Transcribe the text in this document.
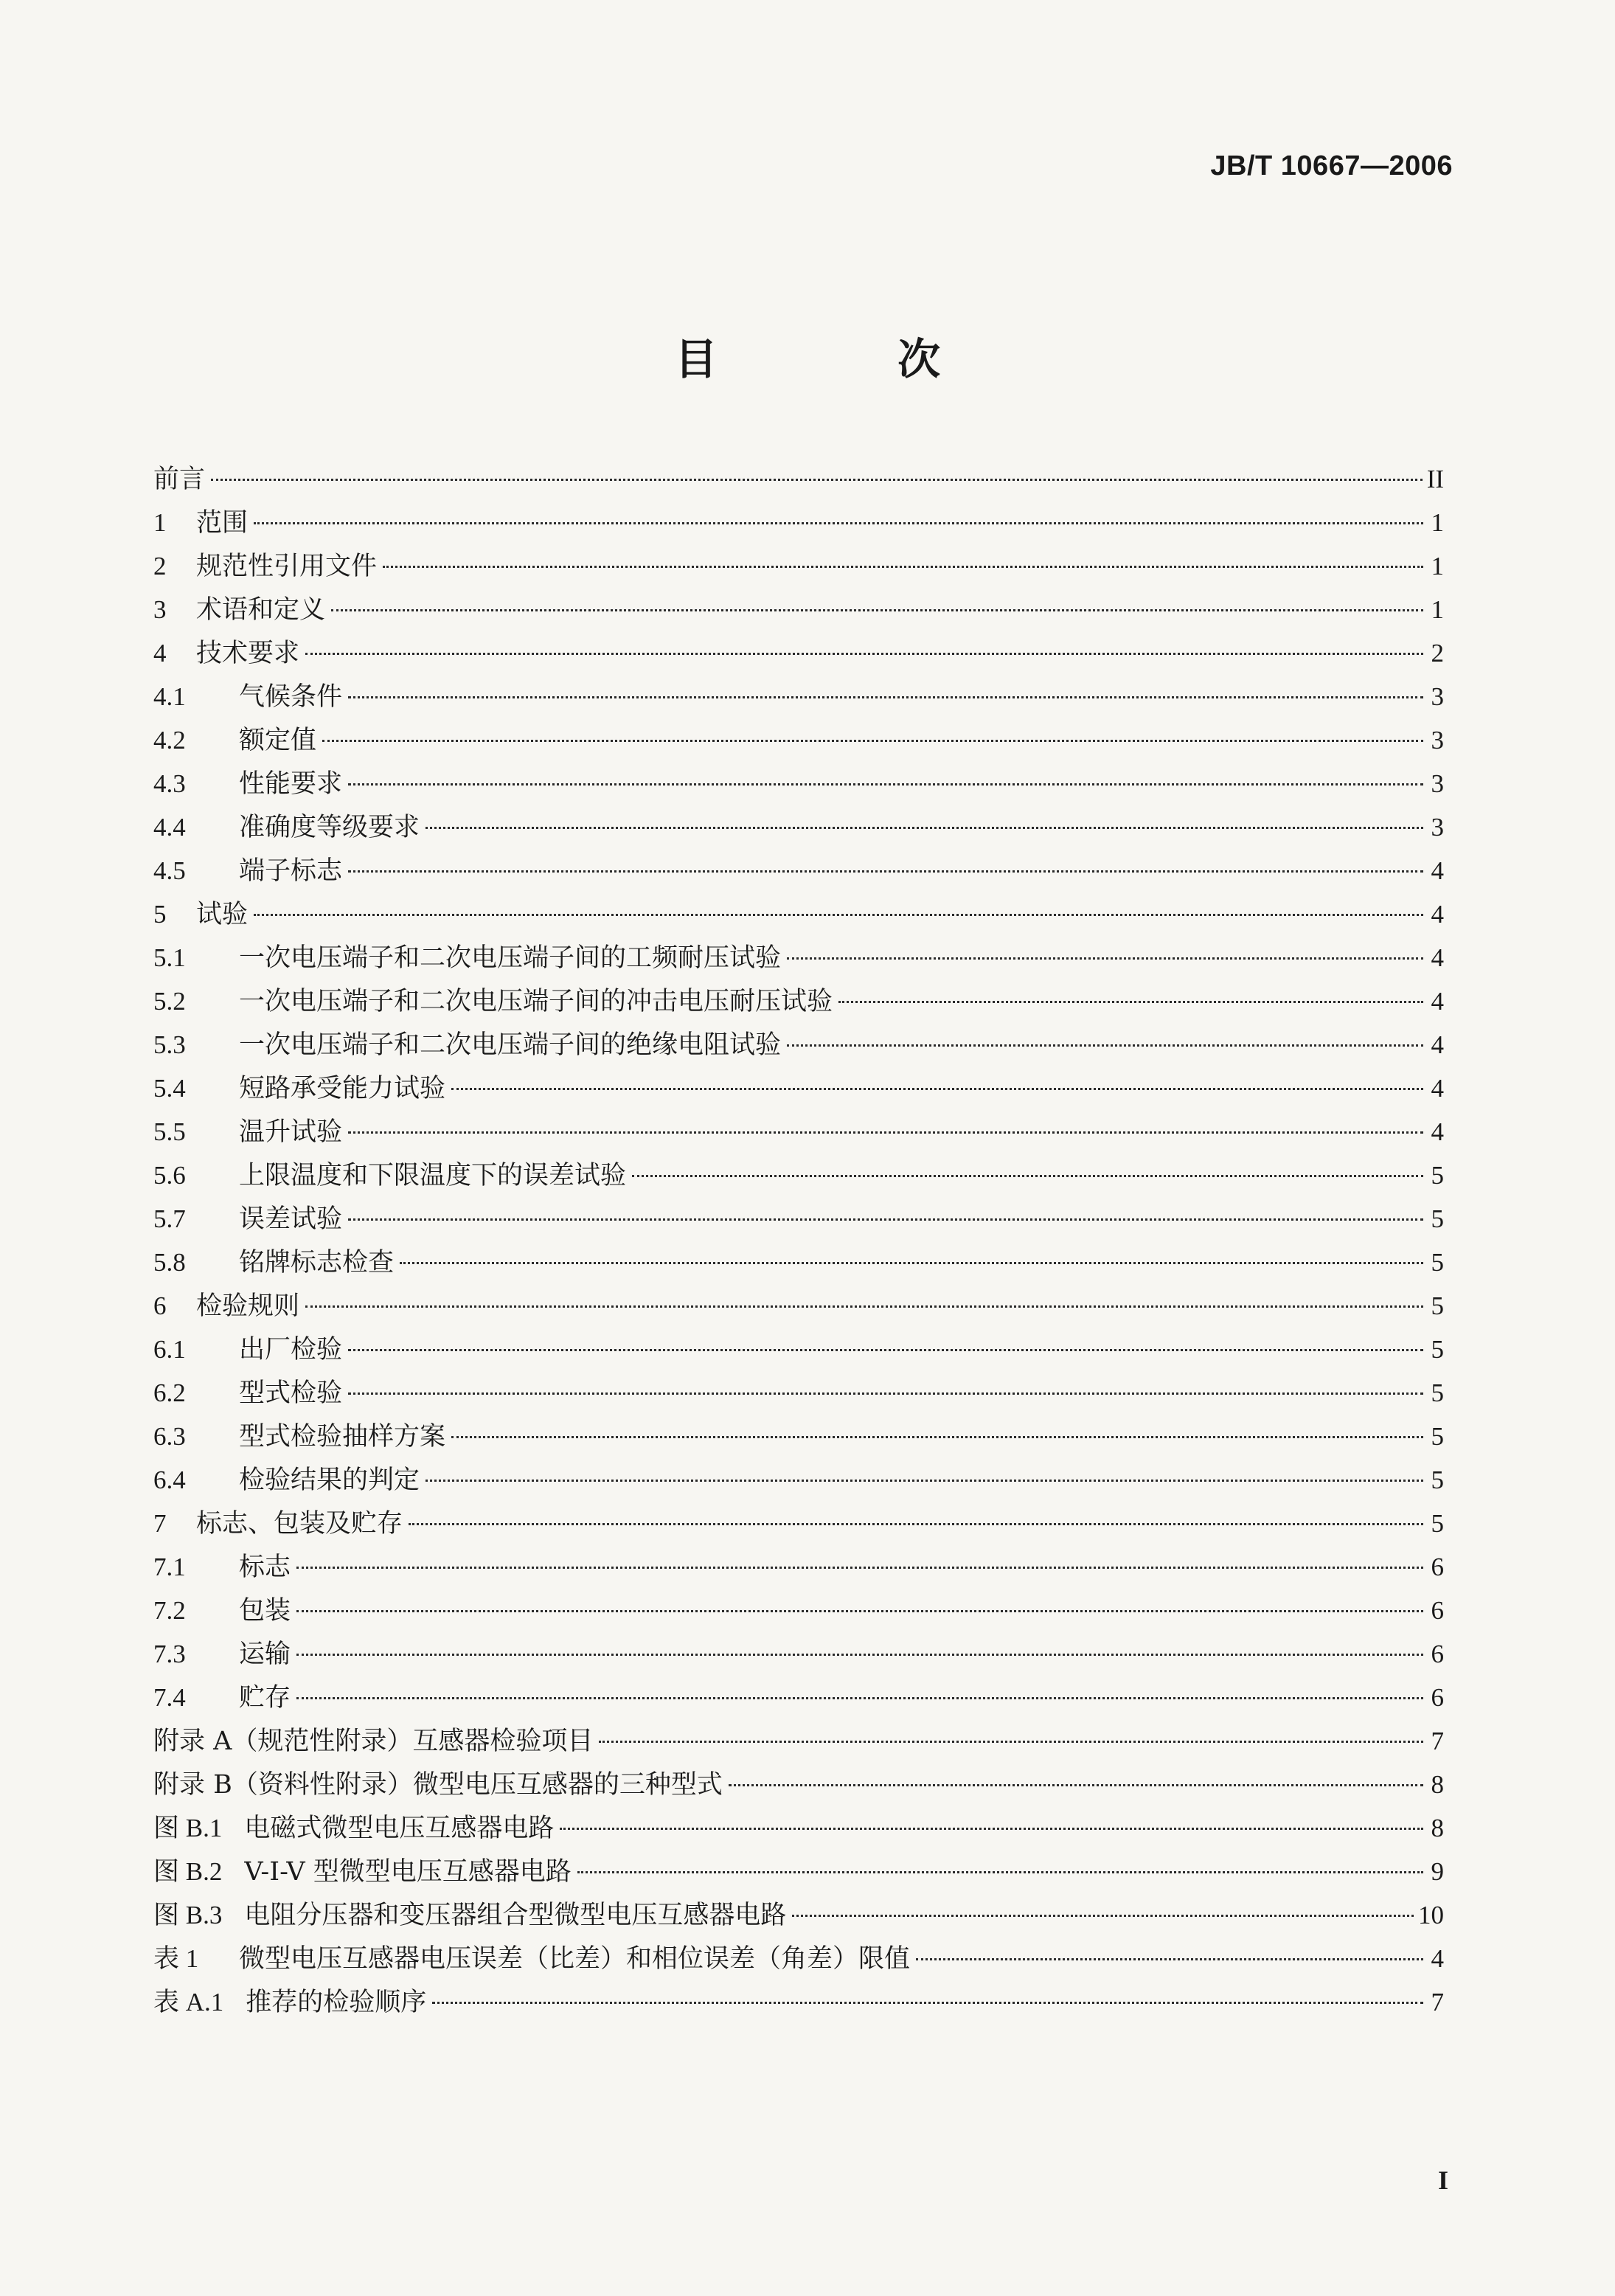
JB/T 10667—2006
目 次
前言	II
1	范围	1
2	规范性引用文件	1
3	术语和定义	1
4	技术要求	2
4.1	气候条件	3
4.2	额定值	3
4.3	性能要求	3
4.4	准确度等级要求	3
4.5	端子标志	4
5	试验	4
5.1	一次电压端子和二次电压端子间的工频耐压试验	4
5.2	一次电压端子和二次电压端子间的冲击电压耐压试验	4
5.3	一次电压端子和二次电压端子间的绝缘电阻试验	4
5.4	短路承受能力试验	4
5.5	温升试验	4
5.6	上限温度和下限温度下的误差试验	5
5.7	误差试验	5
5.8	铭牌标志检查	5
6	检验规则	5
6.1	出厂检验	5
6.2	型式检验	5
6.3	型式检验抽样方案	5
6.4	检验结果的判定	5
7	标志、包装及贮存	5
7.1	标志	6
7.2	包装	6
7.3	运输	6
7.4	贮存	6
附录 A（规范性附录）互感器检验项目	7
附录 B（资料性附录）微型电压互感器的三种型式	8
图 B.1 电磁式微型电压互感器电路	8
图 B.2 V-I-V 型微型电压互感器电路	9
图 B.3 电阻分压器和变压器组合型微型电压互感器电路	10
表 1	微型电压互感器电压误差（比差）和相位误差（角差）限值	4
表 A.1 推荐的检验顺序	7
I
